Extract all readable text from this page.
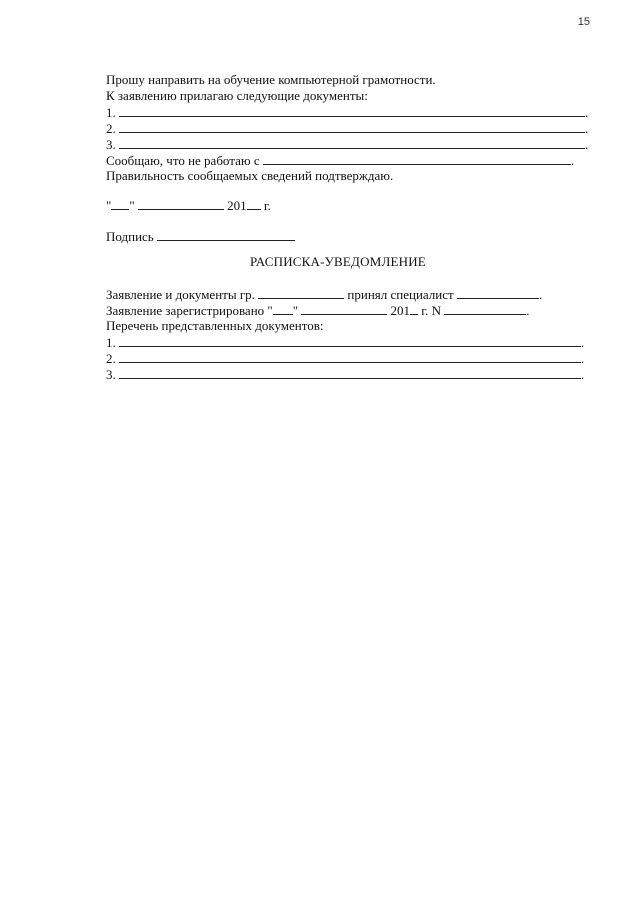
15
Прошу направить на обучение компьютерной грамотности.
К заявлению прилагаю следующие документы:
1.	.
2.	.
3.	.
Сообщаю, что не работаю с	.
Правильность сообщаемых сведений подтверждаю.
" "	201 г.
Подпись
РАСПИСКА-УВЕДОМЛЕНИЕ
Заявление и документы гр.	принял специалист	.
Заявление зарегистрировано " "	201 г. N	.
Перечень представленных документов:
1.	.
2.	.
3.	.
